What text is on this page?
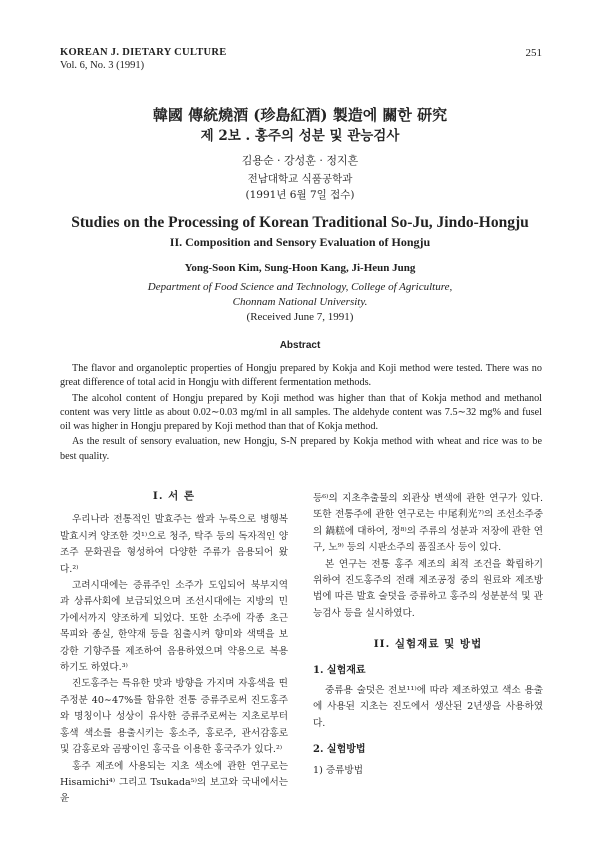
KOREAN J. DIETARY CULTURE
Vol. 6, No. 3 (1991)
251
韓國 傳統燒酒 (珍島紅酒) 製造에 關한 研究
제 2보 . 홍주의 성분 및 관능검사
김용순 · 강성훈 · 정지흔
전남대학교 식품공학과
(1991년 6월 7일 접수)
Studies on the Processing of Korean Traditional So-Ju, Jindo-Hongju
II. Composition and Sensory Evaluation of Hongju
Yong-Soon Kim, Sung-Hoon Kang, Ji-Heun Jung
Department of Food Science and Technology, College of Agriculture,
Chonnam National University.
(Received June 7, 1991)
Abstract

The flavor and organoleptic properties of Hongju prepared by Kokja and Koji method were tested. There was no great difference of total acid in Hongju with different fermentation methods.

The alcohol content of Hongju prepared by Koji method was higher than that of Kokja method and methanol content was very little as about 0.02∼0.03 mg/ml in all samples. The aldehyde content was 7.5∼32 mg% and fusel oil was higher in Hongju prepared by Koji method than that of Kokja method.

As the result of sensory evaluation, new Hongju, S-N prepared by Kokja method with wheat and rice was to be best quality.

I. 서 론

우리나라 전통적인 발효주는 쌀과 누룩으로 병행복발효시켜 양조한 것¹⁾으로 청주, 탁주 등의 독자적인 양조주 문화권을 형성하여 다양한 주류가 음용되어 왔다.²⁾

고려시대에는 증류주인 소주가 도입되어 북부지역과 상류사회에 보급되었으며 조선시대에는 지방의 민가에서까지 양조하게 되었다. 또한 소주에 각종 초근 목피와 종실, 한약재 등을 침출시켜 향미와 색택을 보강한 기향주를 제조하여 음용하였으며 약용으로 복용하기도 하였다.³⁾

진도홍주는 특유한 맛과 방향을 가지며 자홍색을 띤 주정분 40∼47%를 함유한 전통 증류주로써 진도홍주와 명칭이나 성상이 유사한 증류주로써는 지초로부터 홍색 색소를 용출시키는 홍소주, 홍로주, 관서감홍로 및 감홍로와 곰팡이인 홍국을 이용한 홍국주가 있다.²⁾

홍주 제조에 사용되는 지초 색소에 관한 연구로는 Hisamichi⁴⁾ 그리고 Tsukada⁵⁾의 보고와 국내에서는 윤

등⁶⁾의 지초추출물의 외관상 변색에 관한 연구가 있다. 또한 전통주에 관한 연구로는 中尾利光⁷⁾의 조선소주중의 鍋糕에 대하여, 정⁸⁾의 주류의 성분과 저장에 관한 연구, 노⁹⁾ 등의 시판소주의 품질조사 등이 있다.

본 연구는 전통 홍주 제조의 최적 조건을 확립하기 위하여 진도홍주의 전래 제조공정 중의 원료와 제조방법에 따른 발효 술덧을 증류하고 홍주의 성분분석 및 관능검사 등을 실시하였다.

II. 실험재료 및 방법
1. 실험재료

중류용 술덧은 전보¹¹⁾에 따라 제조하였고 색소 용출에 사용된 지초는 진도에서 생산된 2년생을 사용하였다.

2. 실험방법
1) 증류방법
